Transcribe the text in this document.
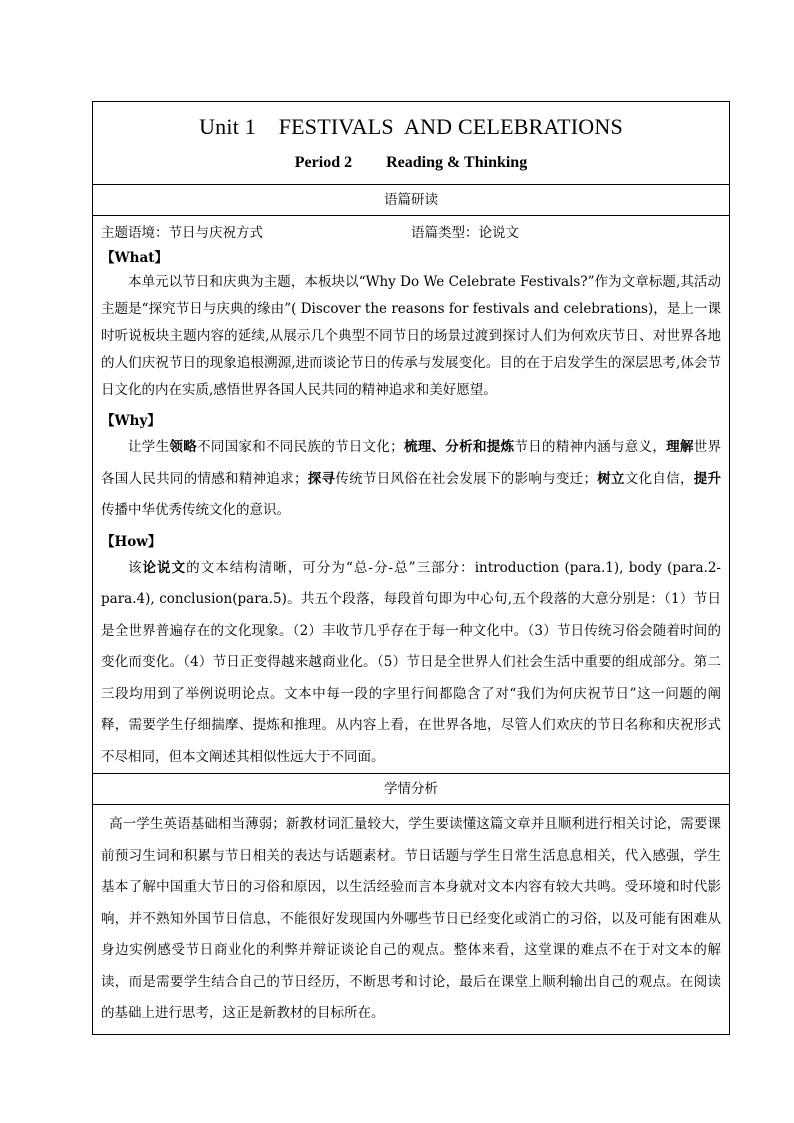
Unit 1    FESTIVALS  AND CELEBRATIONS
Period 2 Reading & Thinking

语篇研读

主题语境：节日与庆祝方式	语篇类型：论说文
【What】

本单元以节日和庆典为主题，本板块以“Why Do We Celebrate Festivals?”作为文章标题,其活动主题是“探究节日与庆典的缘由”( Discover the reasons for festivals and celebrations)，是上一课时听说板块主题内容的延续,从展示几个典型不同节日的场景过渡到探讨人们为何欢庆节日、对世界各地的人们庆祝节日的现象追根溯源,进而谈论节日的传承与发展变化。目的在于启发学生的深层思考,体会节日文化的内在实质,感悟世界各国人民共同的精神追求和美好愿望。

【Why】

让学生领略不同国家和不同民族的节日文化；梳理、分析和提炼节日的精神内涵与意义，理解世界各国人民共同的情感和精神追求；探寻传统节日风俗在社会发展下的影响与变迁；树立文化自信，提升传播中华优秀传统文化的意识。

【How】

该论说文的文本结构清晰，可分为“总-分-总”三部分：introduction (para.1), body (para.2-para.4), conclusion(para.5)。共五个段落，每段首句即为中心句,五个段落的大意分别是：（1）节日是全世界普遍存在的文化现象。（2）丰收节几乎存在于每一种文化中。（3）节日传统习俗会随着时间的变化而变化。（4）节日正变得越来越商业化。（5）节日是全世界人们社会生活中重要的组成部分。第二三段均用到了举例说明论点。文本中每一段的字里行间都隐含了对“我们为何庆祝节日”这一问题的阐释，需要学生仔细揣摩、提炼和推理。从内容上看，在世界各地，尽管人们欢庆的节日名称和庆祝形式不尽相同，但本文阐述其相似性远大于不同面。

学情分析

高一学生英语基础相当薄弱；新教材词汇量较大，学生要读懂这篇文章并且顺利进行相关讨论，需要课前预习生词和积累与节日相关的表达与话题素材。节日话题与学生日常生活息息相关，代入感强，学生基本了解中国重大节日的习俗和原因，以生活经验而言本身就对文本内容有较大共鸣。受环境和时代影响，并不熟知外国节日信息，不能很好发现国内外哪些节日已经变化或消亡的习俗，以及可能有困难从身边实例感受节日商业化的利弊并辩证谈论自己的观点。整体来看，这堂课的难点不在于对文本的解读，而是需要学生结合自己的节日经历，不断思考和讨论，最后在课堂上顺利输出自己的观点。在阅读的基础上进行思考，这正是新教材的目标所在。
